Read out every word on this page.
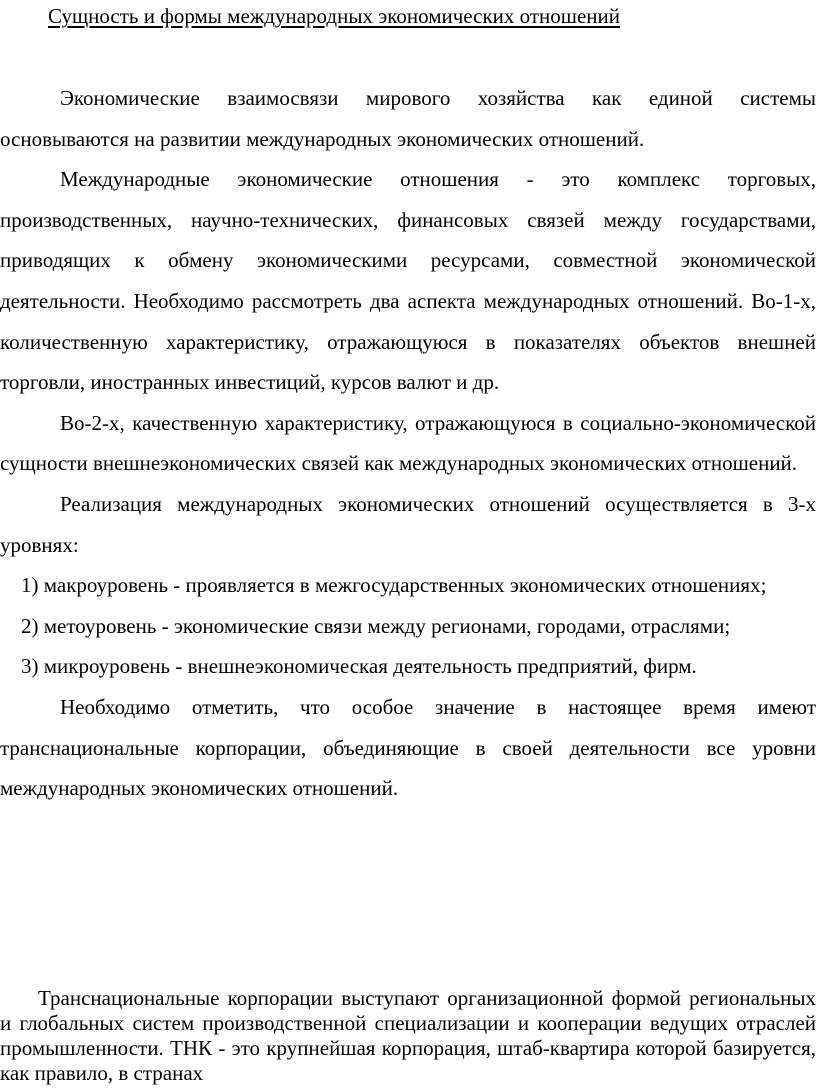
Сущность и формы международных экономических отношений

Экономические взаимосвязи мирового хозяйства как единой системы основываются на развитии международных экономических отношений.

Международные экономические отношения - это комплекс торговых, производственных, научно-технических, финансовых связей между государствами, приводящих к обмену экономическими ресурсами, совместной экономической деятельности. Необходимо рассмотреть два аспекта международных отношений. Во-1-х, количественную характеристику, отражающуюся в показателях объектов внешней торговли, иностранных инвестиций, курсов валют и др.

Во-2-х, качественную характеристику, отражающуюся в социально-экономической сущности внешнеэкономических связей как международных экономических отношений.

Реализация международных экономических отношений осуществляется в 3-х уровнях:

1) макроуровень - проявляется в межгосударственных экономических отношениях;

2) метоуровень - экономические связи между регионами, городами, отраслями;

3) микроуровень - внешнеэкономическая деятельность предприятий, фирм.

Необходимо отметить, что особое значение в настоящее время имеют транснациональные корпорации, объединяющие в своей деятельности все уровни международных экономических отношений.

Транснациональные корпорации выступают организационной формой региональных и глобальных систем производственной специализации и кооперации ведущих отраслей промышленности. ТНК - это крупнейшая корпорация, штаб-квартира которой базируется, как правило, в странах
